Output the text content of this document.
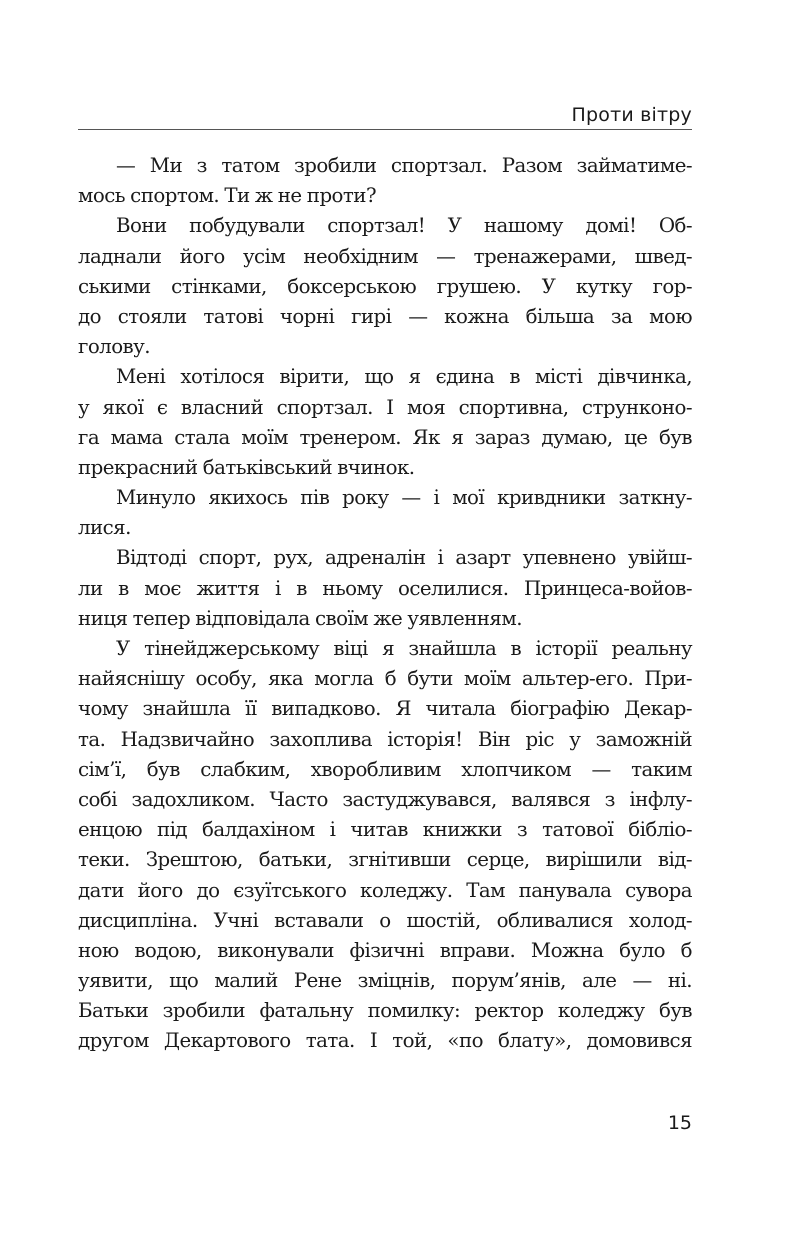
Проти вітру
— Ми з татом зробили спортзал. Разом займатиме-
мось спортом. Ти ж не проти?
Вони побудували спортзал! У нашому домі! Об-
ладнали його усім необхідним — тренажерами, швед-
ськими стінками, боксерською грушею. У кутку гор-
до стояли татові чорні гирі — кожна більша за мою
голову.
Мені хотілося вірити, що я єдина в місті дівчинка,
у якої є власний спортзал. І моя спортивна, струнконо-
га мама стала моїм тренером. Як я зараз думаю, це був
прекрасний батьківський вчинок.
Минуло якихось пів року — і мої кривдники заткну-
лися.
Відтоді спорт, рух, адреналін і азарт упевнено увійш-
ли в моє життя і в ньому оселилися. Принцеса-войов-
ниця тепер відповідала своїм же уявленням.
У тінейджерському віці я знайшла в історії реальну
найяснішу особу, яка могла б бути моїм альтер-его. При-
чому знайшла її випадково. Я читала біографію Декар-
та. Надзвичайно захоплива історія! Він ріс у заможній
сім’ї, був слабким, хворобливим хлопчиком — таким
собі задохликом. Часто застуджувався, валявся з інфлу-
енцою під балдахіном і читав книжки з татової бібліо-
теки. Зрештою, батьки, згнітивши серце, вирішили від-
дати його до єзуїтського коледжу. Там панувала сувора
дисципліна. Учні вставали о шостій, обливалися холод-
ною водою, виконували фізичні вправи. Можна було б
уявити, що малий Рене зміцнів, порум’янів, але — ні.
Батьки зробили фатальну помилку: ректор коледжу був
другом Декартового тата. І той, «по блату», домовився
15
